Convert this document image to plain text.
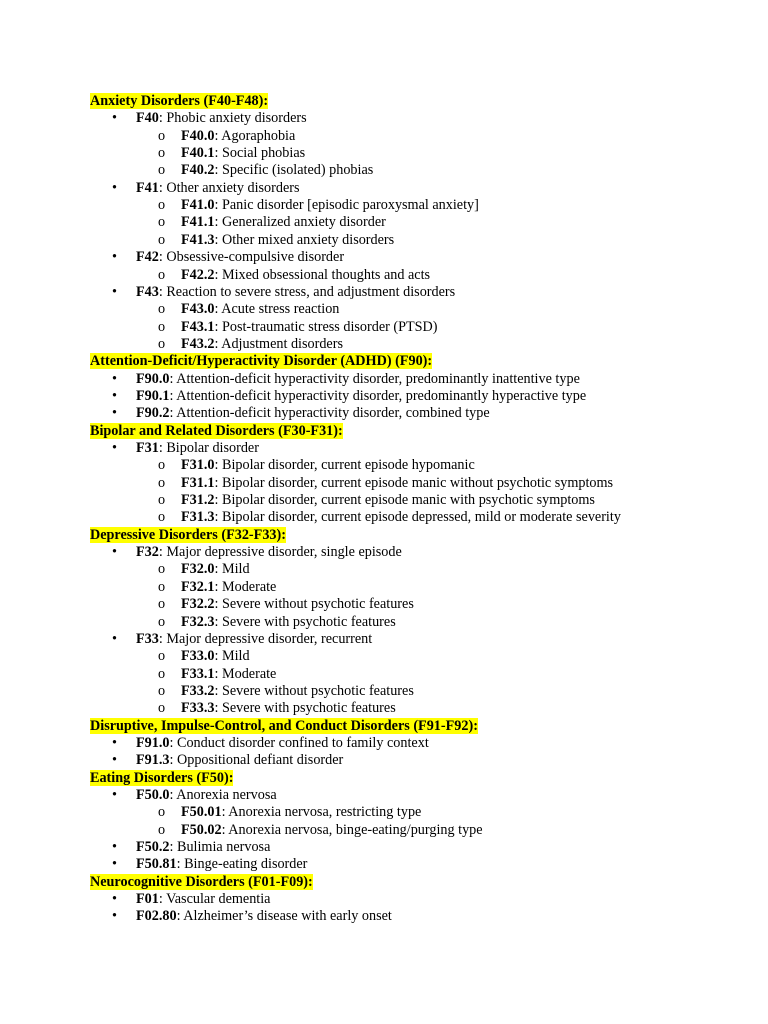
Anxiety Disorders (F40-F48):
• F40: Phobic anxiety disorders
o F40.0: Agoraphobia
o F40.1: Social phobias
o F40.2: Specific (isolated) phobias
• F41: Other anxiety disorders
o F41.0: Panic disorder [episodic paroxysmal anxiety]
o F41.1: Generalized anxiety disorder
o F41.3: Other mixed anxiety disorders
• F42: Obsessive-compulsive disorder
o F42.2: Mixed obsessional thoughts and acts
• F43: Reaction to severe stress, and adjustment disorders
o F43.0: Acute stress reaction
o F43.1: Post-traumatic stress disorder (PTSD)
o F43.2: Adjustment disorders
Attention-Deficit/Hyperactivity Disorder (ADHD) (F90):
• F90.0: Attention-deficit hyperactivity disorder, predominantly inattentive type
• F90.1: Attention-deficit hyperactivity disorder, predominantly hyperactive type
• F90.2: Attention-deficit hyperactivity disorder, combined type
Bipolar and Related Disorders (F30-F31):
• F31: Bipolar disorder
o F31.0: Bipolar disorder, current episode hypomanic
o F31.1: Bipolar disorder, current episode manic without psychotic symptoms
o F31.2: Bipolar disorder, current episode manic with psychotic symptoms
o F31.3: Bipolar disorder, current episode depressed, mild or moderate severity
Depressive Disorders (F32-F33):
• F32: Major depressive disorder, single episode
o F32.0: Mild
o F32.1: Moderate
o F32.2: Severe without psychotic features
o F32.3: Severe with psychotic features
• F33: Major depressive disorder, recurrent
o F33.0: Mild
o F33.1: Moderate
o F33.2: Severe without psychotic features
o F33.3: Severe with psychotic features
Disruptive, Impulse-Control, and Conduct Disorders (F91-F92):
• F91.0: Conduct disorder confined to family context
• F91.3: Oppositional defiant disorder
Eating Disorders (F50):
• F50.0: Anorexia nervosa
o F50.01: Anorexia nervosa, restricting type
o F50.02: Anorexia nervosa, binge-eating/purging type
• F50.2: Bulimia nervosa
• F50.81: Binge-eating disorder
Neurocognitive Disorders (F01-F09):
• F01: Vascular dementia
• F02.80: Alzheimer’s disease with early onset
